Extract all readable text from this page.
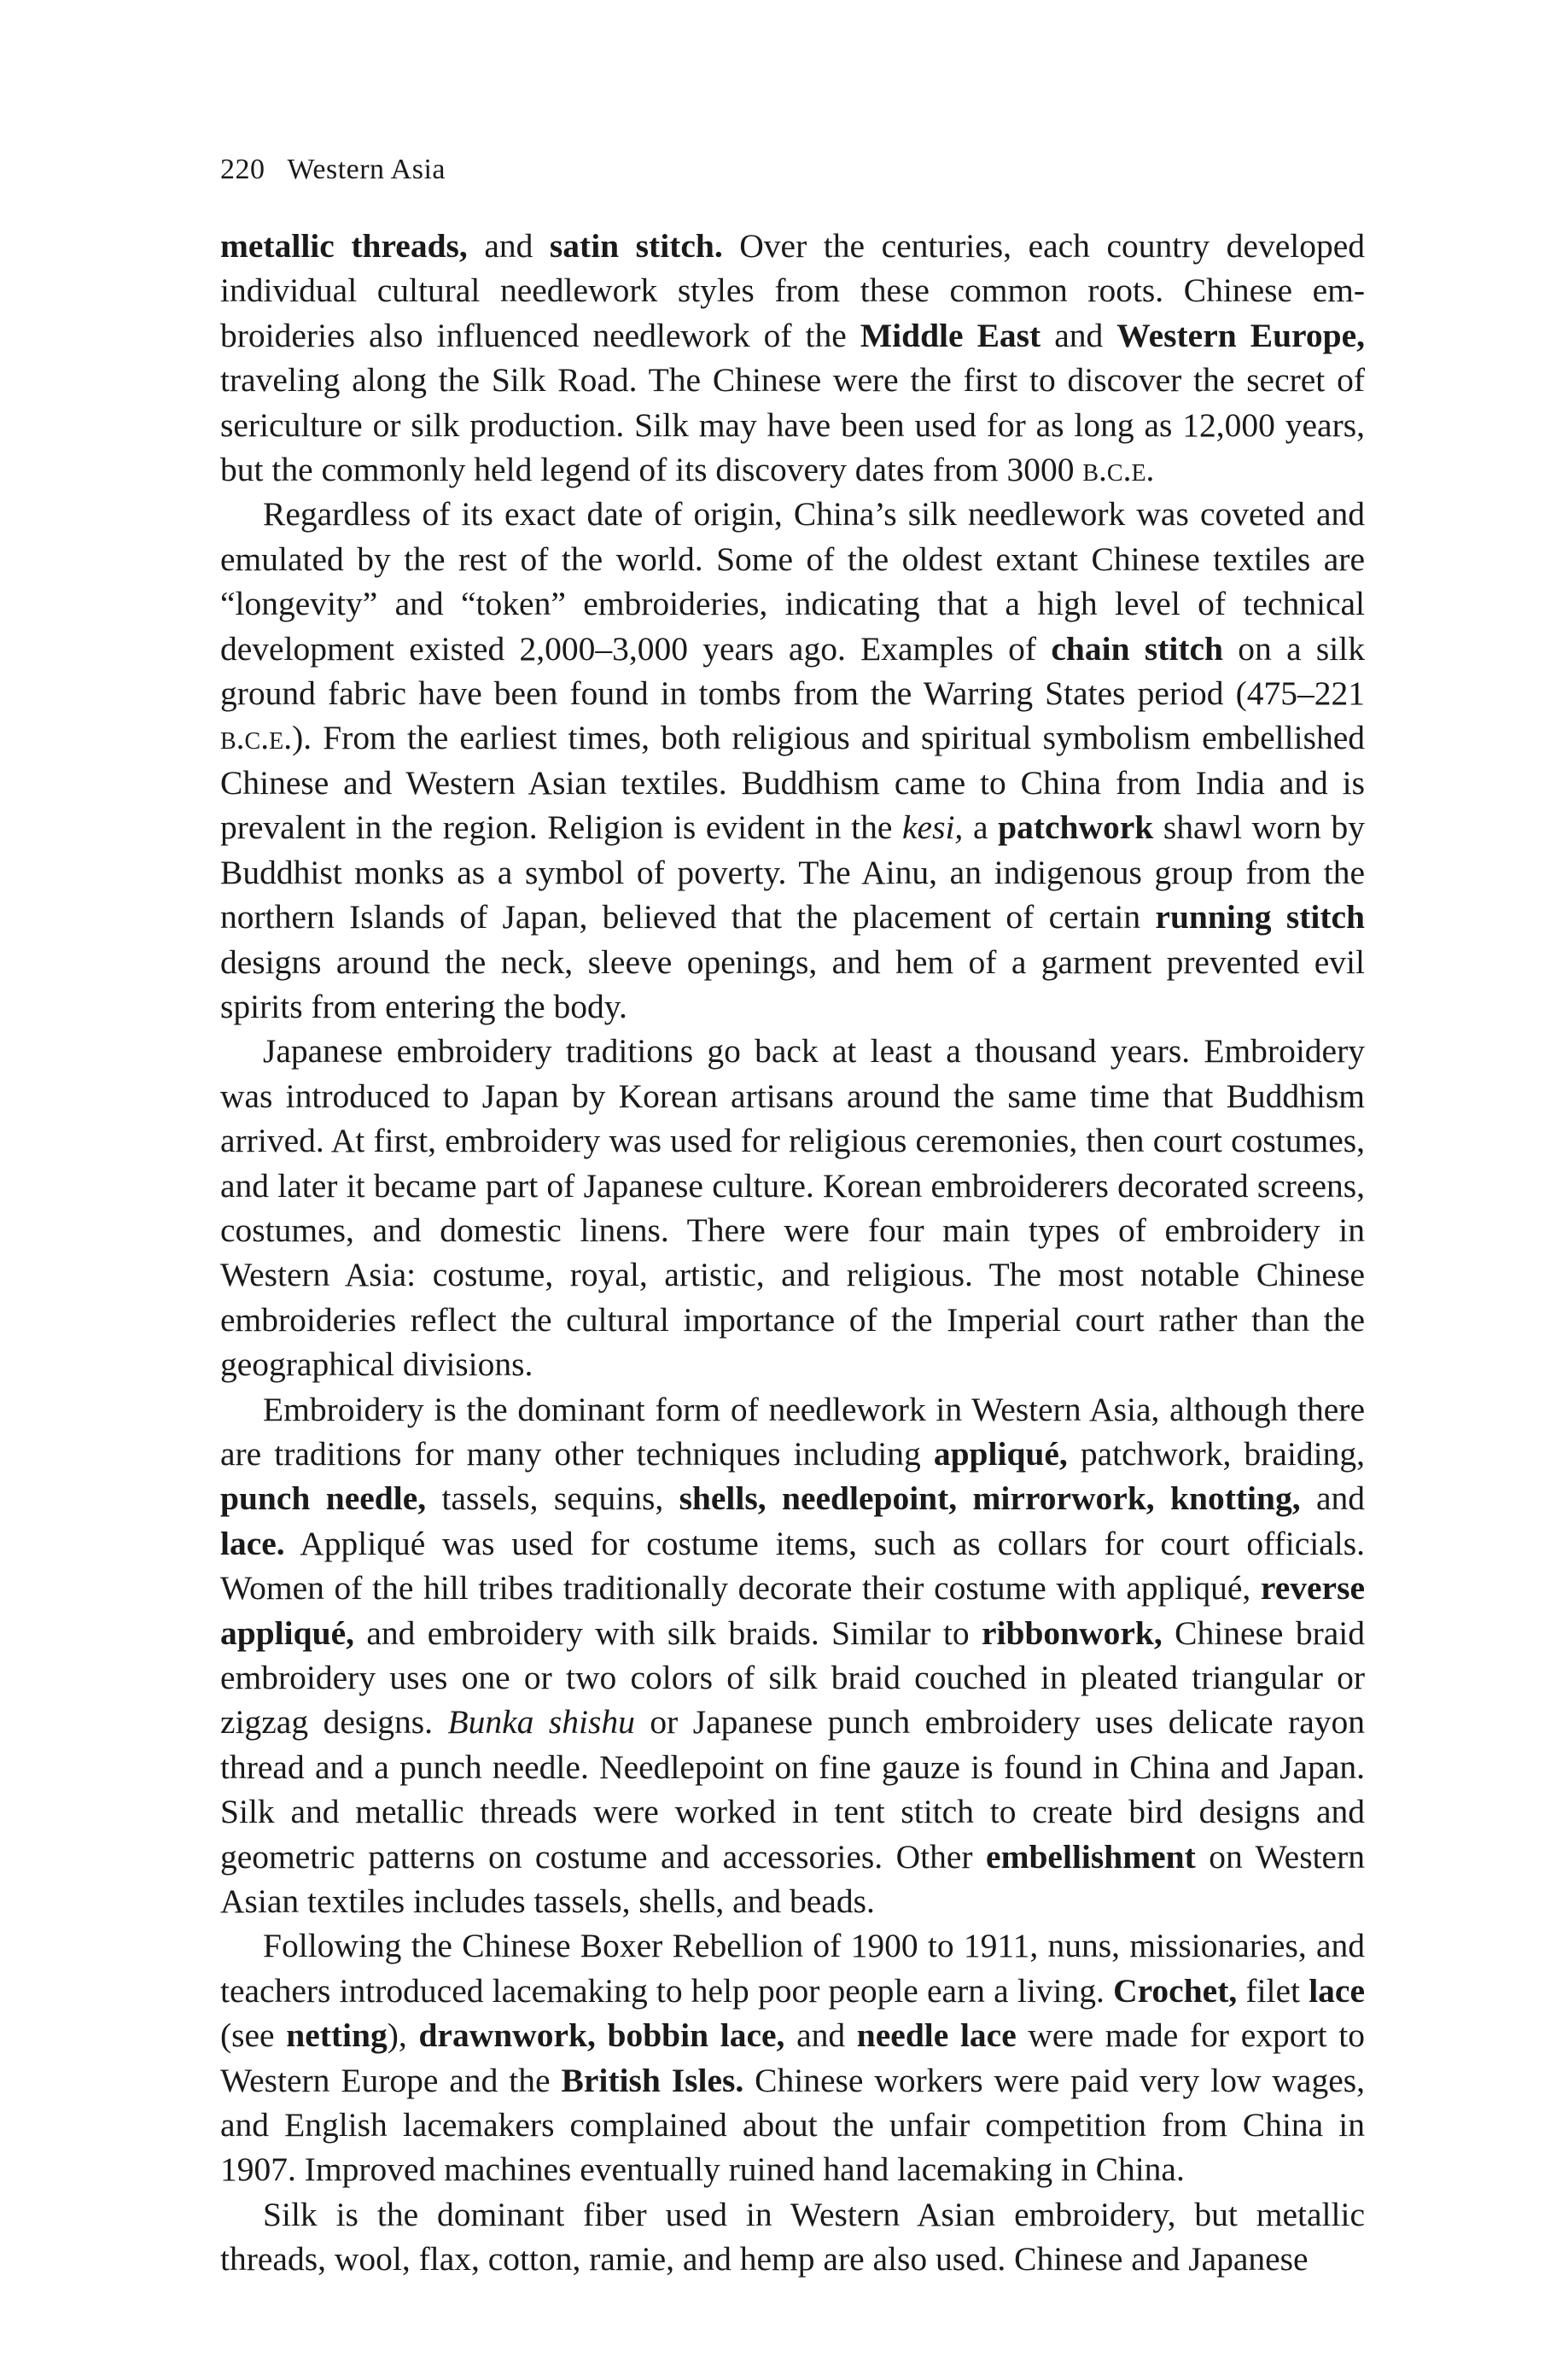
220 Western Asia

metallic threads, and satin stitch. Over the centuries, each country developed individual cultural needlework styles from these common roots. Chinese embroideries also influenced needlework of the Middle East and Western Europe, traveling along the Silk Road. The Chinese were the first to discover the secret of sericulture or silk production. Silk may have been used for as long as 12,000 years, but the commonly held legend of its discovery dates from 3000 b.c.e.

Regardless of its exact date of origin, China’s silk needlework was coveted and emulated by the rest of the world. Some of the oldest extant Chinese textiles are “longevity” and “token” embroideries, indicating that a high level of technical development existed 2,000–3,000 years ago. Examples of chain stitch on a silk ground fabric have been found in tombs from the Warring States period (475–221 b.c.e.). From the earliest times, both religious and spiritual symbolism embellished Chinese and Western Asian textiles. Buddhism came to China from India and is prevalent in the region. Religion is evident in the kesi, a patchwork shawl worn by Buddhist monks as a symbol of poverty. The Ainu, an indigenous group from the northern Islands of Japan, believed that the placement of certain running stitch designs around the neck, sleeve openings, and hem of a garment prevented evil spirits from entering the body.

Japanese embroidery traditions go back at least a thousand years. Embroidery was introduced to Japan by Korean artisans around the same time that Buddhism arrived. At first, embroidery was used for religious ceremonies, then court costumes, and later it became part of Japanese culture. Korean embroiderers decorated screens, costumes, and domestic linens. There were four main types of embroidery in Western Asia: costume, royal, artistic, and religious. The most notable Chinese embroideries reflect the cultural importance of the Imperial court rather than the geographical divisions.

Embroidery is the dominant form of needlework in Western Asia, although there are traditions for many other techniques including appliqué, patchwork, braiding, punch needle, tassels, sequins, shells, needlepoint, mirrorwork, knotting, and lace. Appliqué was used for costume items, such as collars for court officials. Women of the hill tribes traditionally decorate their costume with appliqué, reverse appliqué, and embroidery with silk braids. Similar to ribbonwork, Chinese braid embroidery uses one or two colors of silk braid couched in pleated triangular or zigzag designs. Bunka shishu or Japanese punch embroidery uses delicate rayon thread and a punch needle. Needlepoint on fine gauze is found in China and Japan. Silk and metallic threads were worked in tent stitch to create bird designs and geometric patterns on costume and accessories. Other embellishment on Western Asian textiles includes tassels, shells, and beads.

Following the Chinese Boxer Rebellion of 1900 to 1911, nuns, missionaries, and teachers introduced lacemaking to help poor people earn a living. Crochet, filet lace (see netting), drawnwork, bobbin lace, and needle lace were made for export to Western Europe and the British Isles. Chinese workers were paid very low wages, and English lacemakers complained about the unfair competition from China in 1907. Improved machines eventually ruined hand lacemaking in China.

Silk is the dominant fiber used in Western Asian embroidery, but metallic threads, wool, flax, cotton, ramie, and hemp are also used. Chinese and Japanese
